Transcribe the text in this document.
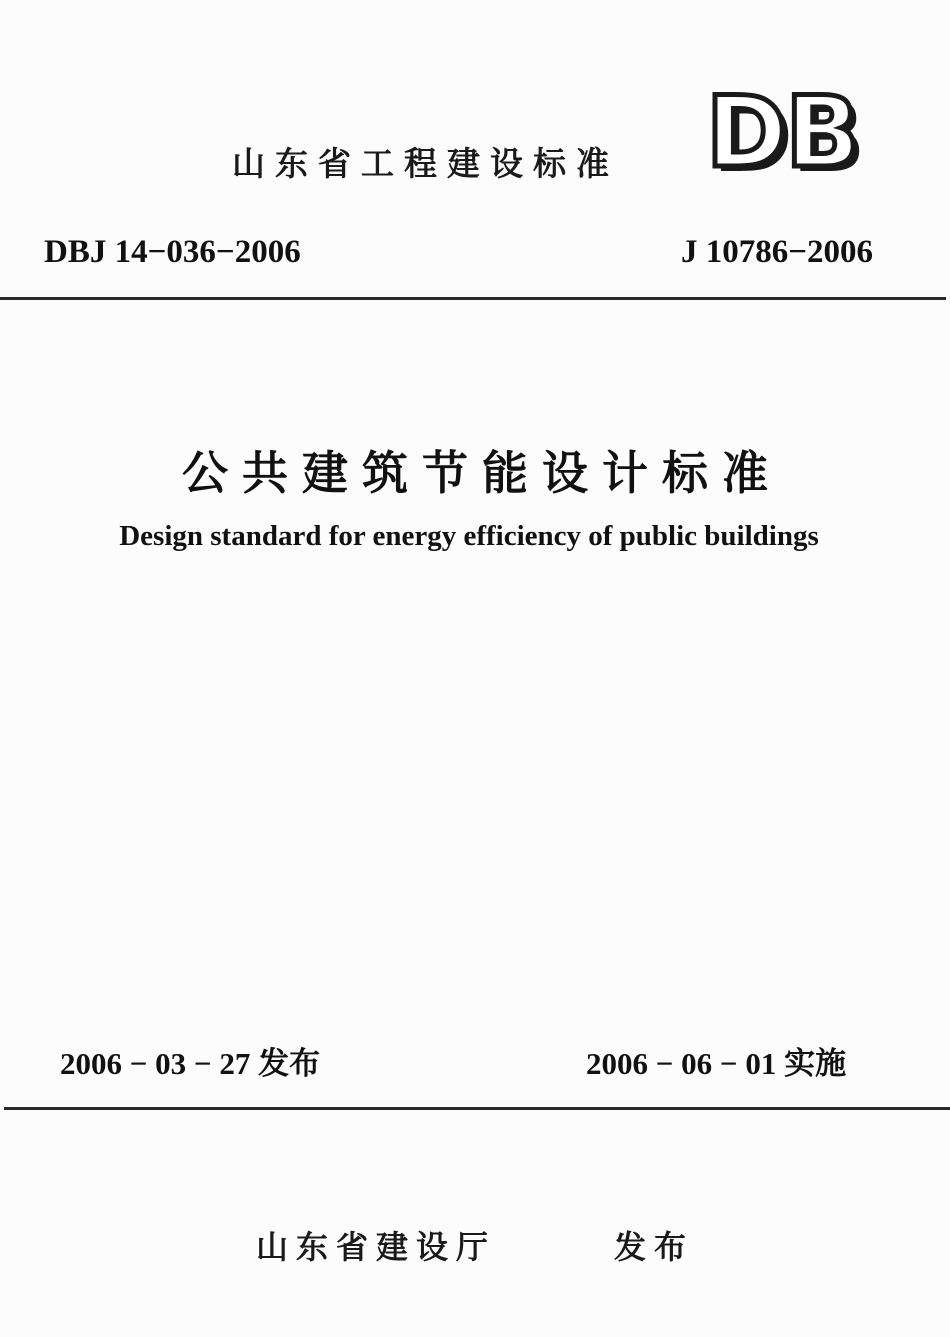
山东省工程建设标准 DB
DBJ 14−036−2006	J 10786−2006
公共建筑节能设计标准
Design standard for energy efficiency of public buildings
2006 − 03 − 27 发布	2006 − 06 − 01 实施
山东省建设厅	发布
